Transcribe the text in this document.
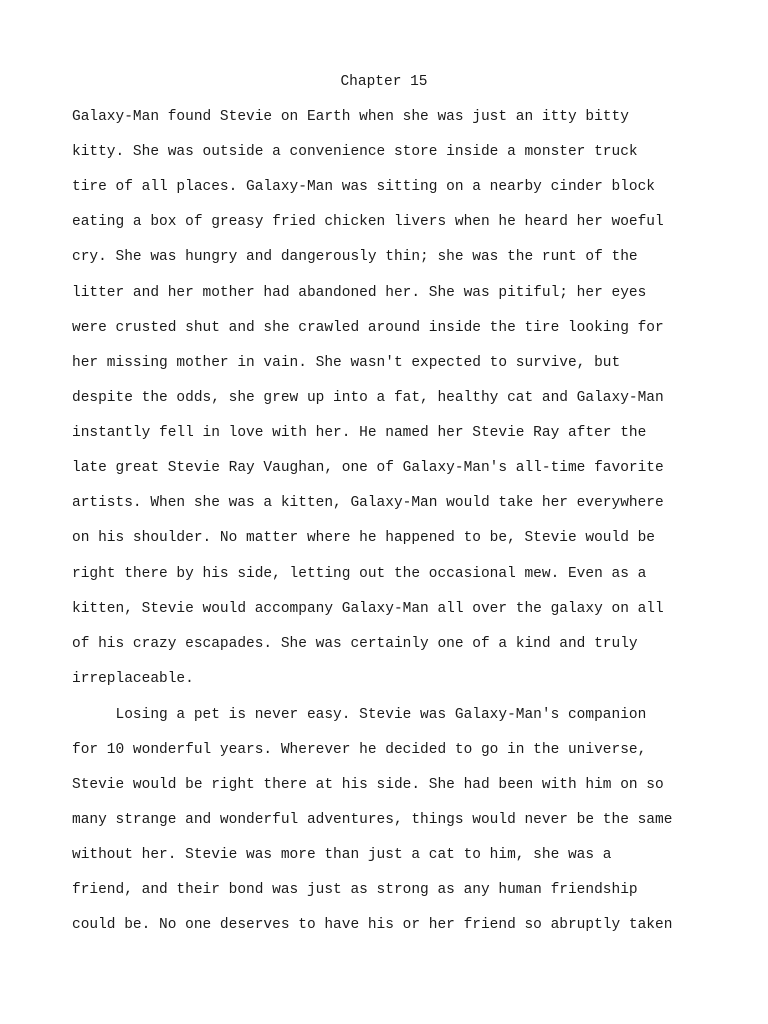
Chapter 15
Galaxy-Man found Stevie on Earth when she was just an itty bitty
kitty. She was outside a convenience store inside a monster truck
tire of all places. Galaxy-Man was sitting on a nearby cinder block
eating a box of greasy fried chicken livers when he heard her woeful
cry. She was hungry and dangerously thin; she was the runt of the
litter and her mother had abandoned her. She was pitiful; her eyes
were crusted shut and she crawled around inside the tire looking for
her missing mother in vain. She wasn't expected to survive, but
despite the odds, she grew up into a fat, healthy cat and Galaxy-Man
instantly fell in love with her. He named her Stevie Ray after the
late great Stevie Ray Vaughan, one of Galaxy-Man's all-time favorite
artists. When she was a kitten, Galaxy-Man would take her everywhere
on his shoulder. No matter where he happened to be, Stevie would be
right there by his side, letting out the occasional mew. Even as a
kitten, Stevie would accompany Galaxy-Man all over the galaxy on all
of his crazy escapades. She was certainly one of a kind and truly
irreplaceable.
Losing a pet is never easy. Stevie was Galaxy-Man's companion
for 10 wonderful years. Wherever he decided to go in the universe,
Stevie would be right there at his side. She had been with him on so
many strange and wonderful adventures, things would never be the same
without her. Stevie was more than just a cat to him, she was a
friend, and their bond was just as strong as any human friendship
could be. No one deserves to have his or her friend so abruptly taken
